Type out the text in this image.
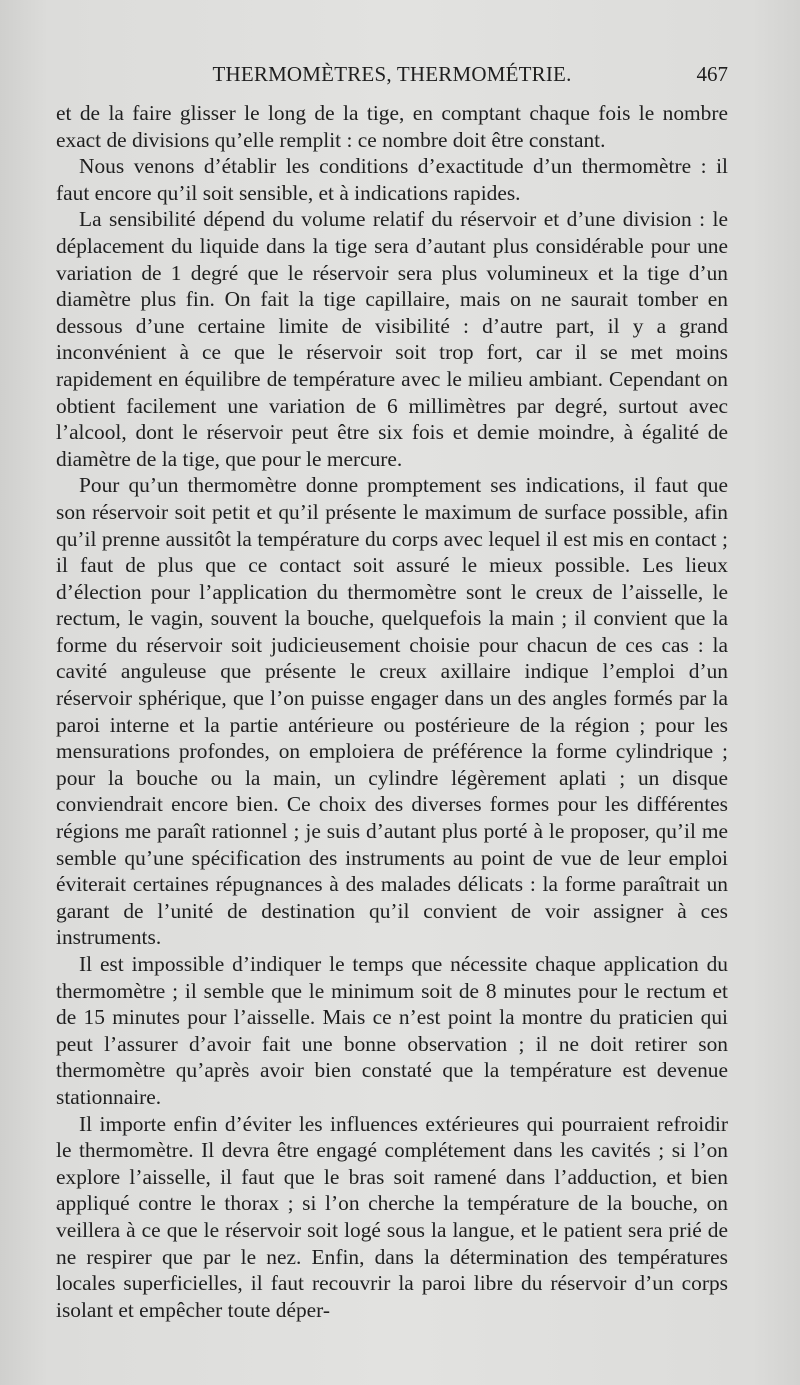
THERMOMÈTRES, THERMOMÉTRIE.	467

et de la faire glisser le long de la tige, en comptant chaque fois le nombre exact de divisions qu’elle remplit : ce nombre doit être constant.

Nous venons d’établir les conditions d’exactitude d’un thermomètre : il faut encore qu’il soit sensible, et à indications rapides.

La sensibilité dépend du volume relatif du réservoir et d’une division : le déplacement du liquide dans la tige sera d’autant plus considérable pour une variation de 1 degré que le réservoir sera plus volumineux et la tige d’un diamètre plus fin. On fait la tige capillaire, mais on ne saurait tomber en dessous d’une certaine limite de visibilité : d’autre part, il y a grand inconvénient à ce que le réservoir soit trop fort, car il se met moins rapidement en équilibre de température avec le milieu ambiant. Cependant on obtient facilement une variation de 6 millimètres par degré, surtout avec l’alcool, dont le réservoir peut être six fois et demie moindre, à égalité de diamètre de la tige, que pour le mercure.

Pour qu’un thermomètre donne promptement ses indications, il faut que son réservoir soit petit et qu’il présente le maximum de surface possible, afin qu’il prenne aussitôt la température du corps avec lequel il est mis en contact ; il faut de plus que ce contact soit assuré le mieux possible. Les lieux d’élection pour l’application du thermomètre sont le creux de l’aisselle, le rectum, le vagin, souvent la bouche, quelquefois la main ; il convient que la forme du réservoir soit judicieusement choisie pour chacun de ces cas : la cavité anguleuse que présente le creux axillaire indique l’emploi d’un réservoir sphérique, que l’on puisse engager dans un des angles formés par la paroi interne et la partie antérieure ou postérieure de la région ; pour les mensurations profondes, on emploiera de préférence la forme cylindrique ; pour la bouche ou la main, un cylindre légèrement aplati ; un disque conviendrait encore bien. Ce choix des diverses formes pour les différentes régions me paraît rationnel ; je suis d’autant plus porté à le proposer, qu’il me semble qu’une spécification des instruments au point de vue de leur emploi éviterait certaines répugnances à des malades délicats : la forme paraîtrait un garant de l’unité de destination qu’il convient de voir assigner à ces instruments.

Il est impossible d’indiquer le temps que nécessite chaque application du thermomètre ; il semble que le minimum soit de 8 minutes pour le rectum et de 15 minutes pour l’aisselle. Mais ce n’est point la montre du praticien qui peut l’assurer d’avoir fait une bonne observation ; il ne doit retirer son thermomètre qu’après avoir bien constaté que la température est devenue stationnaire.

Il importe enfin d’éviter les influences extérieures qui pourraient refroidir le thermomètre. Il devra être engagé complétement dans les cavités ; si l’on explore l’aisselle, il faut que le bras soit ramené dans l’adduction, et bien appliqué contre le thorax ; si l’on cherche la température de la bouche, on veillera à ce que le réservoir soit logé sous la langue, et le patient sera prié de ne respirer que par le nez. Enfin, dans la détermination des températures locales superficielles, il faut recouvrir la paroi libre du réservoir d’un corps isolant et empêcher toute déper-
